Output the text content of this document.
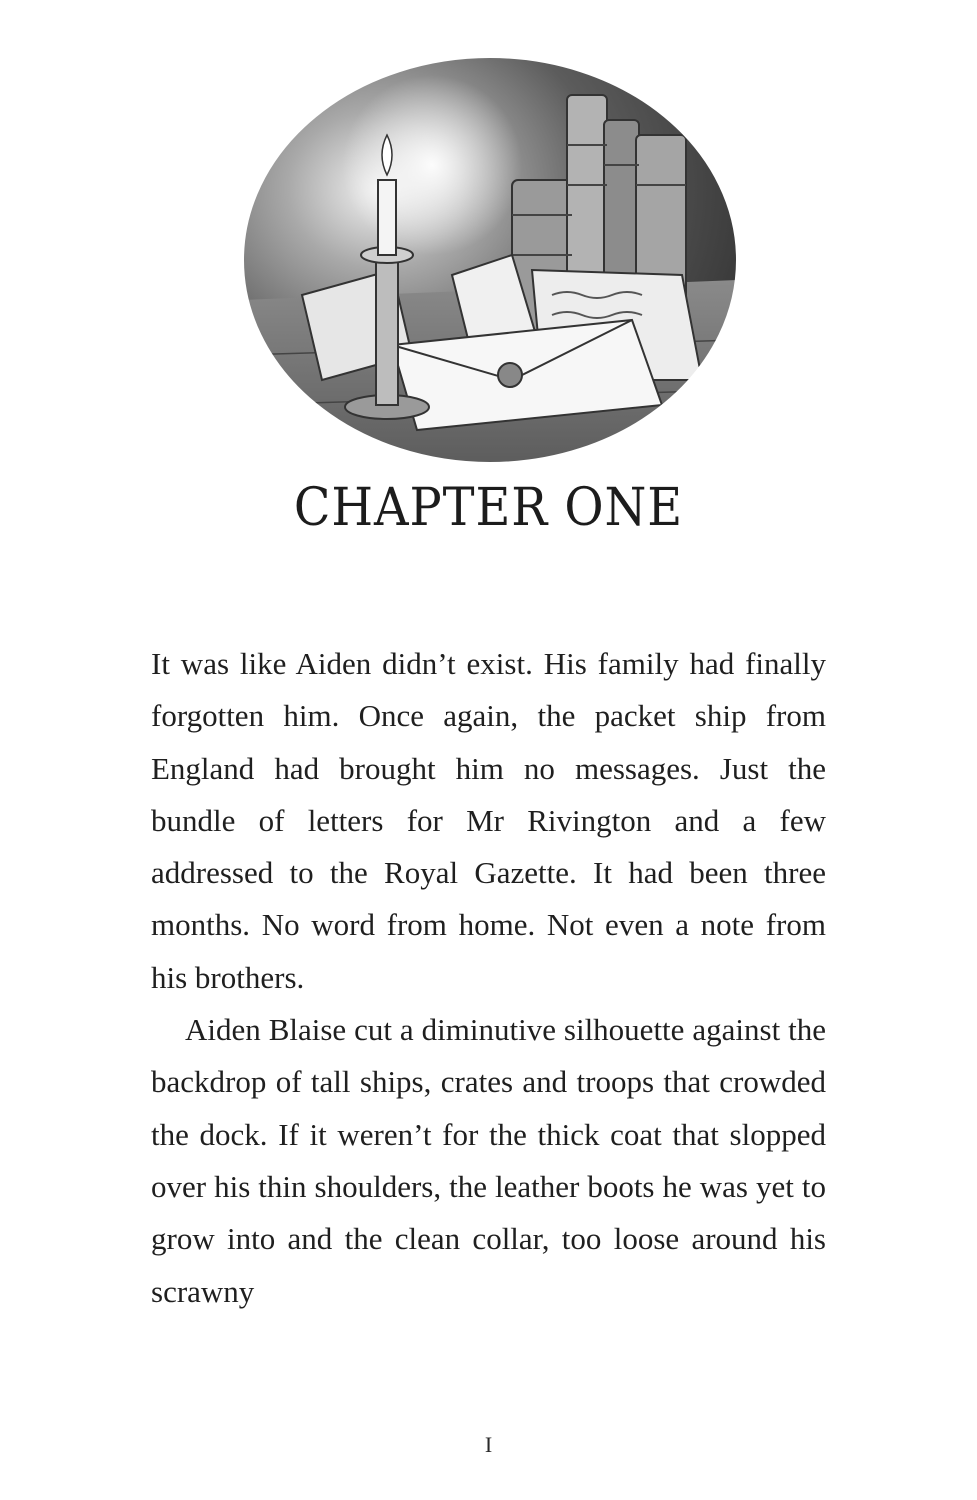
CHAPTER ONE

It was like Aiden didn’t exist. His family had finally forgotten him. Once again, the packet ship from England had brought him no messages. Just the bundle of letters for Mr Rivington and a few addressed to the Royal Gazette. It had been three months. No word from home. Not even a note from his brothers.

Aiden Blaise cut a diminutive silhouette against the backdrop of tall ships, crates and troops that crowded the dock. If it weren’t for the thick coat that slopped over his thin shoulders, the leather boots he was yet to grow into and the clean collar, too loose around his scrawny

I
